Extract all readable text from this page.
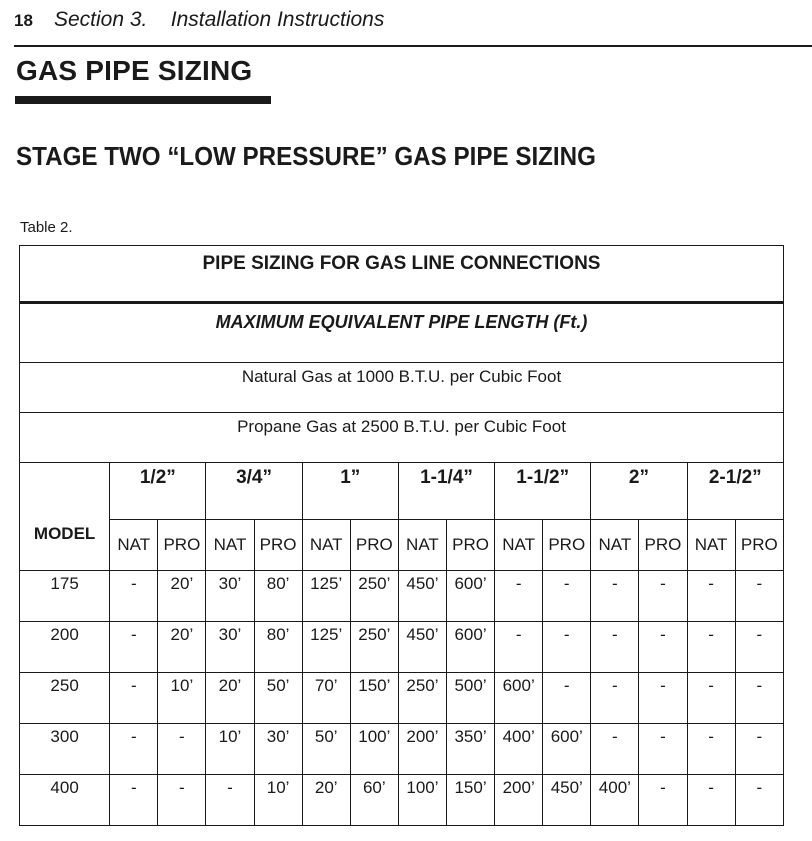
18 Section 3.    Installation Instructions
GAS PIPE SIZING
STAGE TWO “LOW PRESSURE” GAS PIPE SIZING
Table 2.
PIPE SIZING FOR GAS LINE CONNECTIONS														
MAXIMUM EQUIVALENT PIPE LENGTH (Ft.)														
Natural Gas at 1000 B.T.U. per Cubic Foot														
Propane Gas at 2500 B.T.U. per Cubic Foot														
MODEL	1/2”		3/4”		1”		1-1/4”		1-1/2”		2”		2-1/2”	
	NAT	PRO	NAT	PRO	NAT	PRO	NAT	PRO	NAT	PRO	NAT	PRO	NAT	PRO
175	-	20’	30’	80’	125’	250’	450’	600’	-	-	-	-	-	-
200	-	20’	30’	80’	125’	250’	450’	600’	-	-	-	-	-	-
250	-	10’	20’	50’	70’	150’	250’	500’	600’	-	-	-	-	-
300	-	-	10’	30’	50’	100’	200’	350’	400’	600’	-	-	-	-
400	-	-	-	10’	20’	60’	100’	150’	200’	450’	400’	-	-	-
